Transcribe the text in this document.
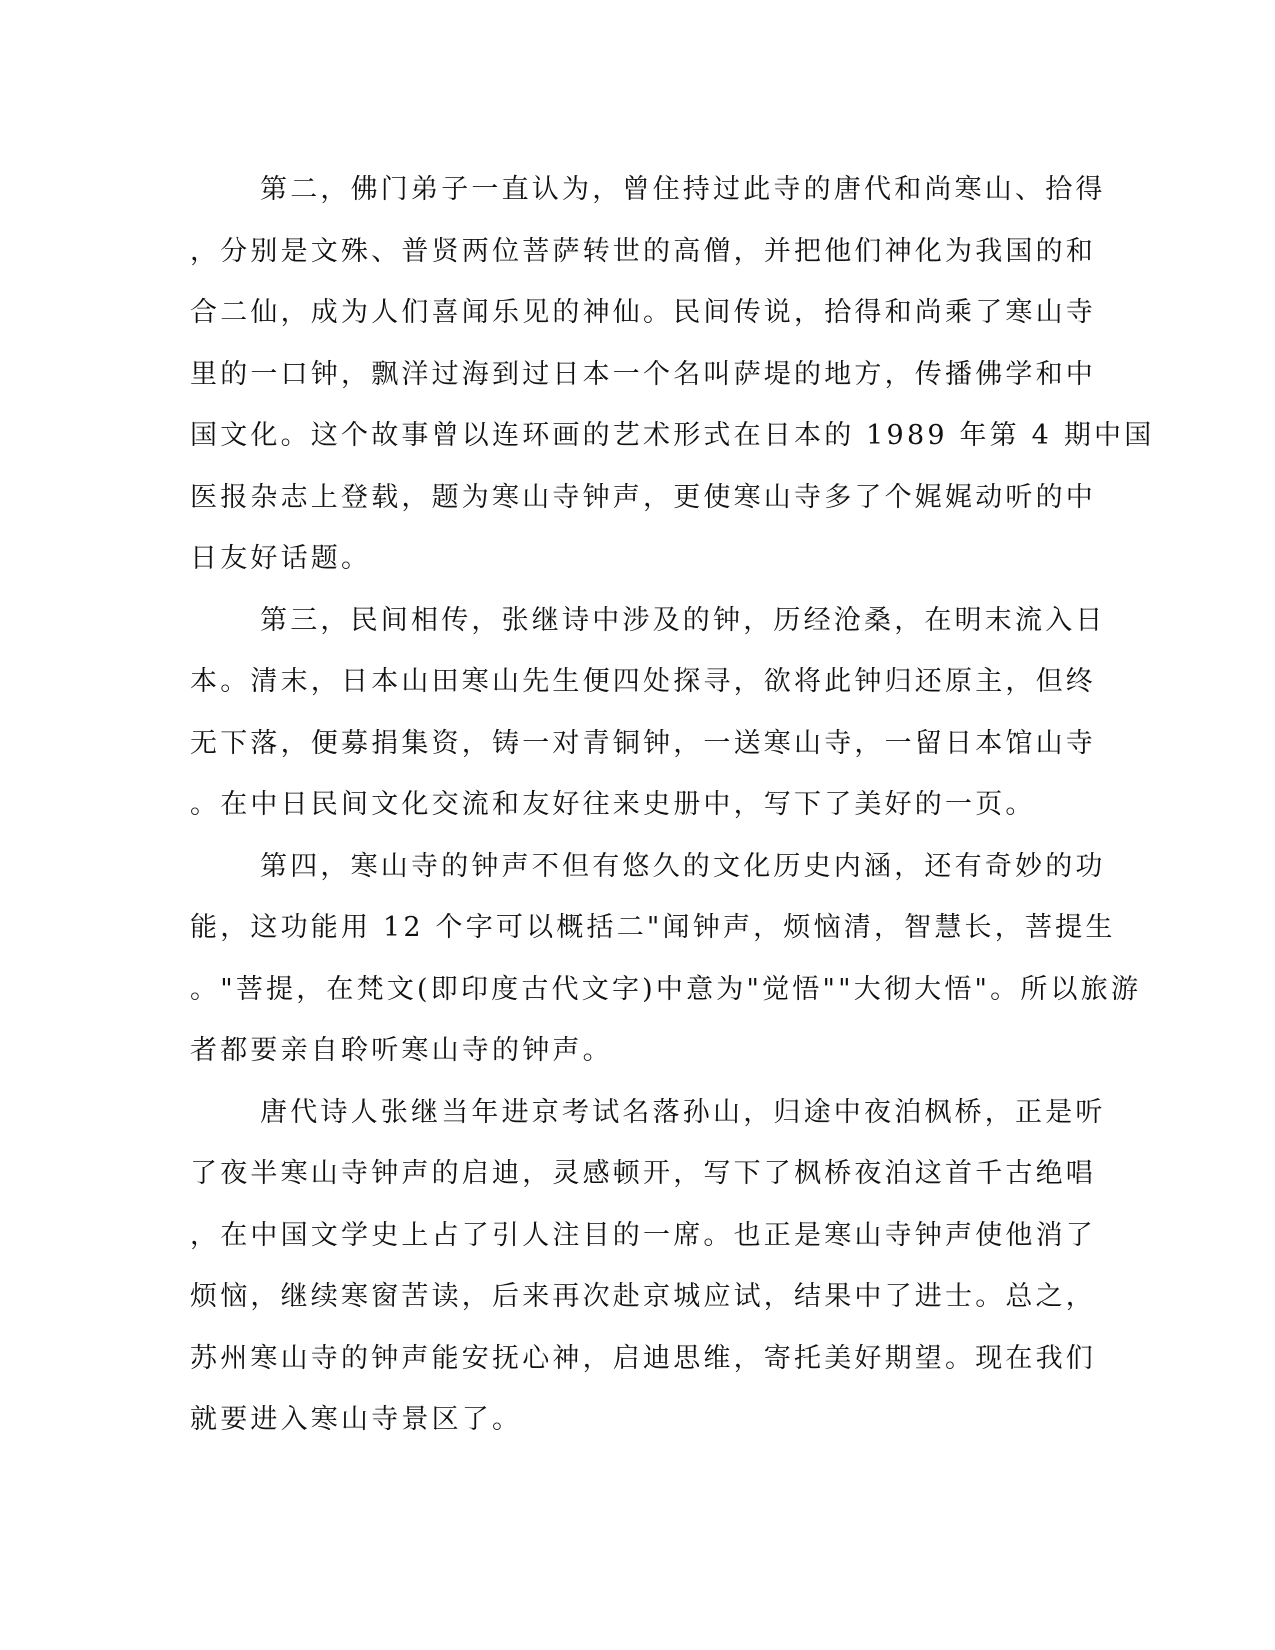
第二，佛门弟子一直认为，曾住持过此寺的唐代和尚寒山、拾得
，分别是文殊、普贤两位菩萨转世的高僧，并把他们神化为我国的和
合二仙，成为人们喜闻乐见的神仙。民间传说，拾得和尚乘了寒山寺
里的一口钟，飘洋过海到过日本一个名叫萨堤的地方，传播佛学和中
国文化。这个故事曾以连环画的艺术形式在日本的 1989 年第 4 期中国
医报杂志上登载，题为寒山寺钟声，更使寒山寺多了个娓娓动听的中
日友好话题。
第三，民间相传，张继诗中涉及的钟，历经沧桑，在明末流入日
本。清末，日本山田寒山先生便四处探寻，欲将此钟归还原主，但终
无下落，便募捐集资，铸一对青铜钟，一送寒山寺，一留日本馆山寺
。在中日民间文化交流和友好往来史册中，写下了美好的一页。
第四，寒山寺的钟声不但有悠久的文化历史内涵，还有奇妙的功
能，这功能用 12 个字可以概括二"闻钟声，烦恼清，智慧长，菩提生
。"菩提，在梵文(即印度古代文字)中意为"觉悟""大彻大悟"。所以旅游
者都要亲自聆听寒山寺的钟声。
唐代诗人张继当年进京考试名落孙山，归途中夜泊枫桥，正是听
了夜半寒山寺钟声的启迪，灵感顿开，写下了枫桥夜泊这首千古绝唱
，在中国文学史上占了引人注目的一席。也正是寒山寺钟声使他消了
烦恼，继续寒窗苦读，后来再次赴京城应试，结果中了进士。总之，
苏州寒山寺的钟声能安抚心神，启迪思维，寄托美好期望。现在我们
就要进入寒山寺景区了。
